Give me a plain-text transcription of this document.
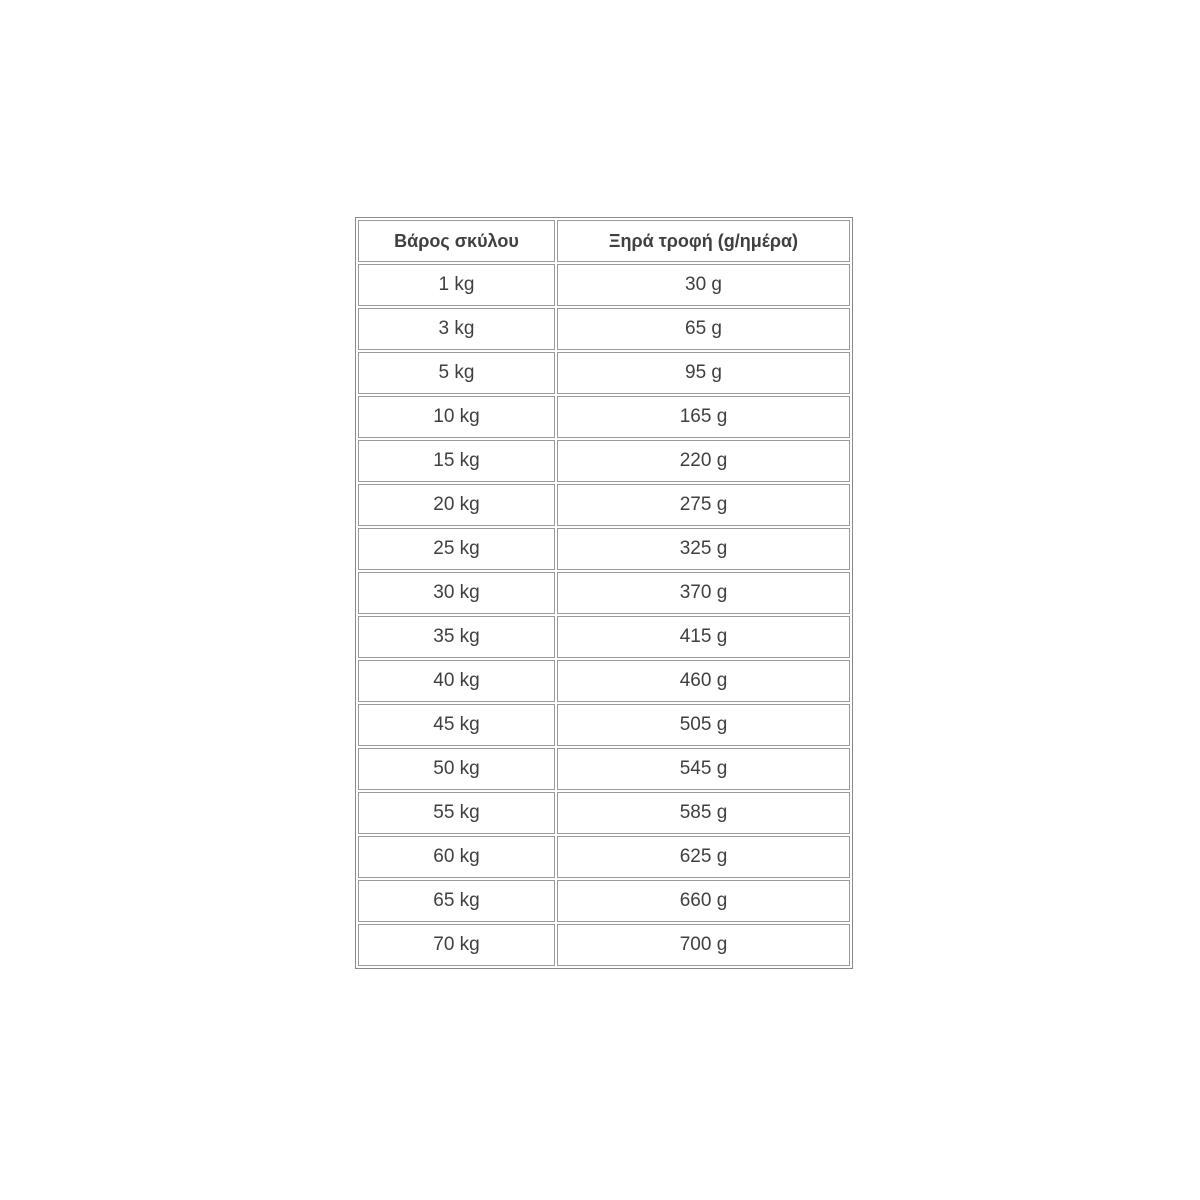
Βάρος σκύλου	Ξηρά τροφή (g/ημέρα)
1 kg	30 g
3 kg	65 g
5 kg	95 g
10 kg	165 g
15 kg	220 g
20 kg	275 g
25 kg	325 g
30 kg	370 g
35 kg	415 g
40 kg	460 g
45 kg	505 g
50 kg	545 g
55 kg	585 g
60 kg	625 g
65 kg	660 g
70 kg	700 g
